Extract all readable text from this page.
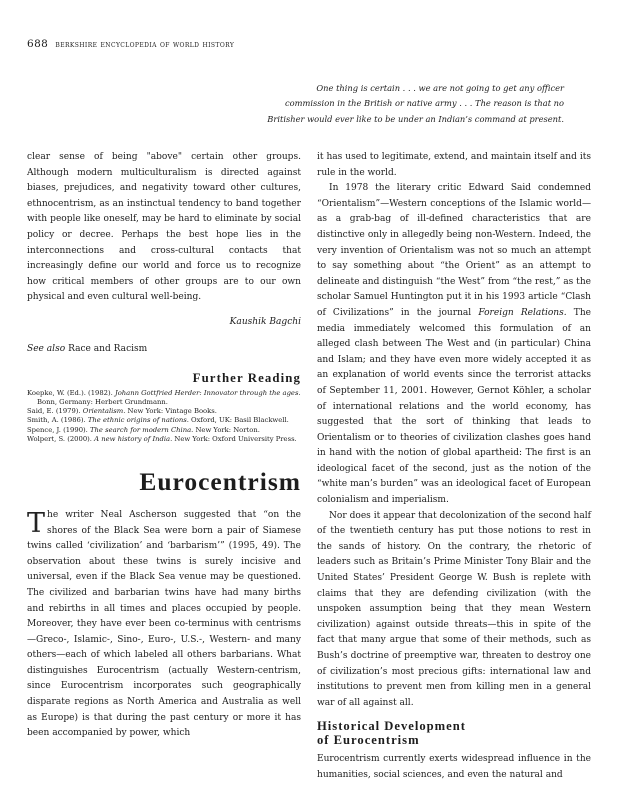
688 berkshire encyclopedia of world history
One thing is certain . . . we are not going to get any officer
commission in the British or native army . . . The reason is that no
Britisher would ever like to be under an Indian’s command at present.

clear sense of being "above" certain other groups. Although modern multiculturalism is directed against biases, prejudices, and negativity toward other cultures, ethnocentrism, as an instinctual tendency to band together with people like oneself, may be hard to eliminate by social policy or decree. Perhaps the best hope lies in the interconnections and cross-cultural contacts that increasingly define our world and force us to recognize how critical members of other groups are to our own physical and even cultural well-being.

Kaushik Bagchi
See also Race and Racism
Further Reading

Koepke, W. (Ed.). (1982). Johann Gottfried Herder: Innovator through the ages. Bonn, Germany: Herbert Grundmann.

Said, E. (1979). Orientalism. New York: Vintage Books.

Smith, A. (1986). The ethnic origins of nations. Oxford, UK: Basil Blackwell.

Spence, J. (1990). The search for modern China. New York: Norton.

Wolpert, S. (2000). A new history of India. New York: Oxford University Press.

Eurocentrism

The writer Neal Ascherson suggested that “on the shores of the Black Sea were born a pair of Siamese twins called ‘civilization’ and ‘barbarism’” (1995, 49). The observation about these twins is surely incisive and universal, even if the Black Sea venue may be questioned. The civilized and barbarian twins have had many births and rebirths in all times and places occupied by people. Moreover, they have ever been co-terminus with centrisms—Greco-, Islamic-, Sino-, Euro-, U.S.-, Western- and many others—each of which labeled all others barbarians. What distinguishes Eurocentrism (actually Western-centrism, since Eurocentrism incorporates such geographically disparate regions as North America and Australia as well as Europe) is that during the past century or more it has been accompanied by power, which

it has used to legitimate, extend, and maintain itself and its rule in the world.

In 1978 the literary critic Edward Said condemned “Orientalism”—Western conceptions of the Islamic world—as a grab-bag of ill-defined characteristics that are distinctive only in allegedly being non-Western. Indeed, the very invention of Orientalism was not so much an attempt to say something about “the Orient” as an attempt to delineate and distinguish “the West” from “the rest,” as the scholar Samuel Huntington put it in his 1993 article “Clash of Civilizations” in the journal Foreign Relations. The media immediately welcomed this formulation of an alleged clash between The West and (in particular) China and Islam; and they have even more widely accepted it as an explanation of world events since the terrorist attacks of September 11, 2001. However, Gernot Köhler, a scholar of international relations and the world economy, has suggested that the sort of thinking that leads to Orientalism or to theories of civilization clashes goes hand in hand with the notion of global apartheid: The first is an ideological facet of the second, just as the notion of the “white man’s burden” was an ideological facet of European colonialism and imperialism.

Nor does it appear that decolonization of the second half of the twentieth century has put those notions to rest in the sands of history. On the contrary, the rhetoric of leaders such as Britain’s Prime Minister Tony Blair and the United States’ President George W. Bush is replete with claims that they are defending civilization (with the unspoken assumption being that they mean Western civilization) against outside threats—this in spite of the fact that many argue that some of their methods, such as Bush’s doctrine of preemptive war, threaten to destroy one of civilization’s most precious gifts: international law and institutions to prevent men from killing men in a general war of all against all.

Historical Development
of Eurocentrism

Eurocentrism currently exerts widespread influence in the humanities, social sciences, and even the natural and
